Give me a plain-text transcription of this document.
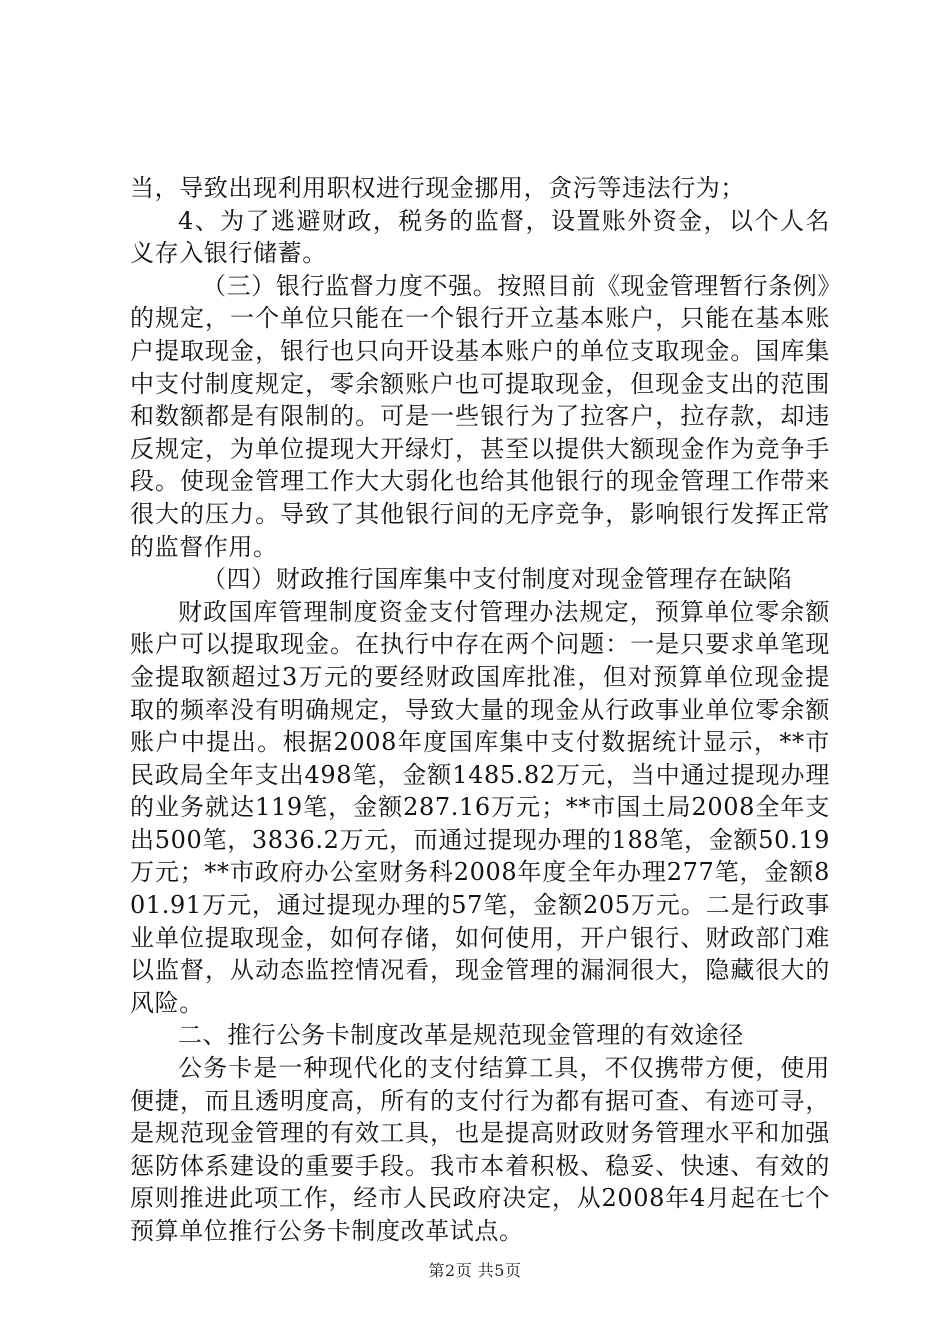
当，导致出现利用职权进行现金挪用，贪污等违法行为；

4、为了逃避财政，税务的监督，设置账外资金，以个人名义存入银行储蓄。

（三）银行监督力度不强。按照目前《现金管理暂行条例》的规定，一个单位只能在一个银行开立基本账户，只能在基本账户提取现金，银行也只向开设基本账户的单位支取现金。国库集中支付制度规定，零余额账户也可提取现金，但现金支出的范围和数额都是有限制的。可是一些银行为了拉客户，拉存款，却违反规定，为单位提现大开绿灯，甚至以提供大额现金作为竞争手段。使现金管理工作大大弱化也给其他银行的现金管理工作带来很大的压力。导致了其他银行间的无序竞争，影响银行发挥正常的监督作用。

（四）财政推行国库集中支付制度对现金管理存在缺陷

财政国库管理制度资金支付管理办法规定，预算单位零余额账户可以提取现金。在执行中存在两个问题：一是只要求单笔现金提取额超过3万元的要经财政国库批准，但对预算单位现金提取的频率没有明确规定，导致大量的现金从行政事业单位零余额账户中提出。根据2008年度国库集中支付数据统计显示，**市民政局全年支出498笔，金额1485.82万元，当中通过提现办理的业务就达119笔，金额287.16万元；**市国土局2008全年支出500笔，3836.2万元，而通过提现办理的188笔，金额50.19万元；**市政府办公室财务科2008年度全年办理277笔，金额801.91万元，通过提现办理的57笔，金额205万元。二是行政事业单位提取现金，如何存储，如何使用，开户银行、财政部门难以监督，从动态监控情况看，现金管理的漏洞很大，隐藏很大的风险。

二、推行公务卡制度改革是规范现金管理的有效途径

公务卡是一种现代化的支付结算工具，不仅携带方便，使用便捷，而且透明度高，所有的支付行为都有据可查、有迹可寻，是规范现金管理的有效工具，也是提高财政财务管理水平和加强惩防体系建设的重要手段。我市本着积极、稳妥、快速、有效的原则推进此项工作，经市人民政府决定，从2008年4月起在七个预算单位推行公务卡制度改革试点。

第2页 共5页
